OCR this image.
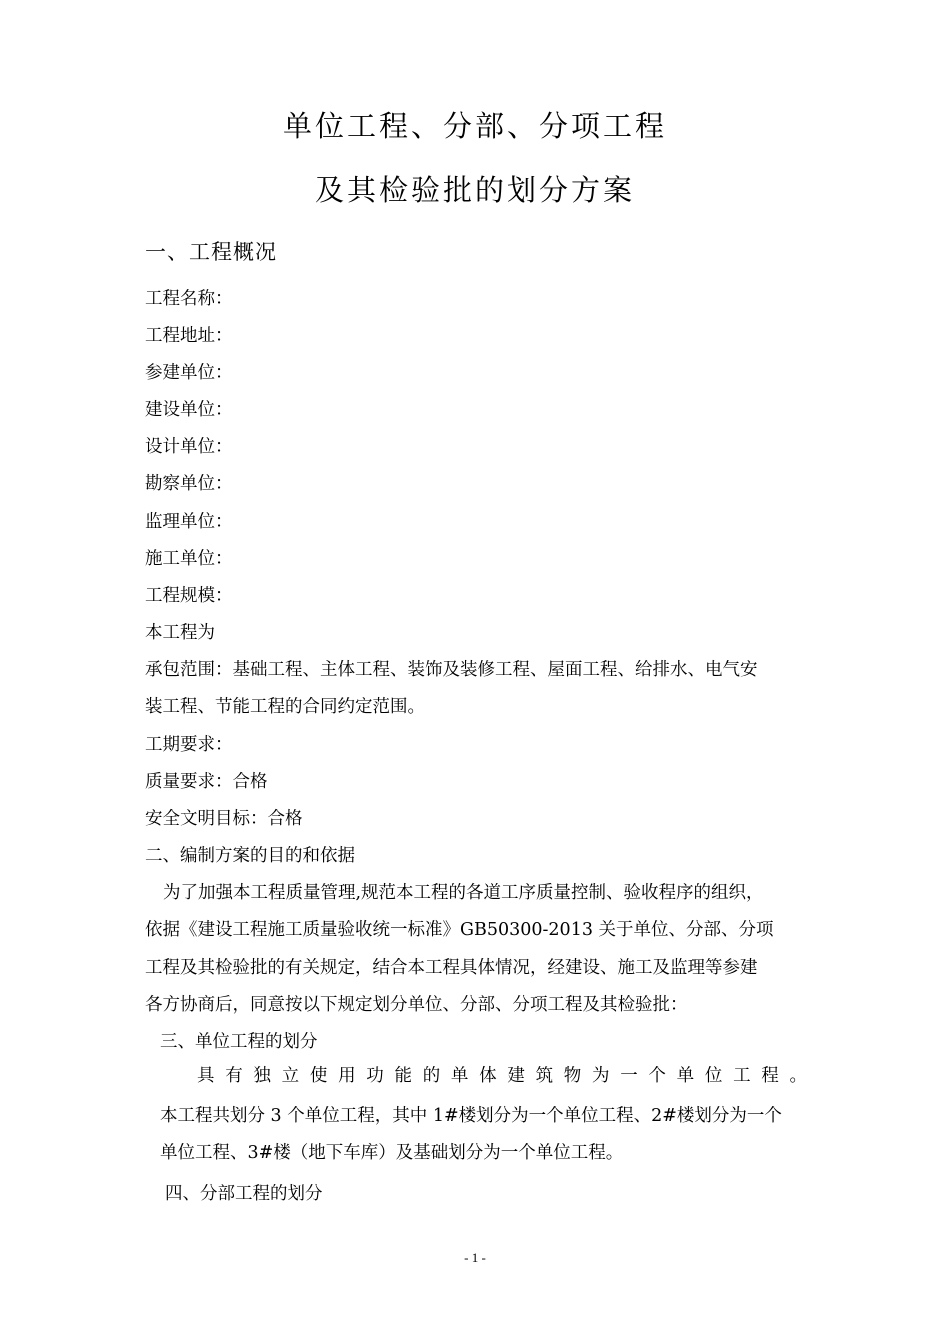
单位工程、分部、分项工程
及其检验批的划分方案
一、工程概况
工程名称：
工程地址：
参建单位：
建设单位：
设计单位：
勘察单位：
监理单位：
施工单位：
工程规模：
本工程为
承包范围：基础工程、主体工程、装饰及装修工程、屋面工程、给排水、电气安
装工程、节能工程的合同约定范围。
工期要求：
质量要求：合格
安全文明目标：合格
二、编制方案的目的和依据
为了加强本工程质量管理,规范本工程的各道工序质量控制、验收程序的组织，
依据《建设工程施工质量验收统一标准》GB50300-2013 关于单位、分部、分项
工程及其检验批的有关规定，结合本工程具体情况，经建设、施工及监理等参建
各方协商后，同意按以下规定划分单位、分部、分项工程及其检验批：
三、单位工程的划分
具有独立使用功能的单体建筑物为一个单位工程。
本工程共划分 3 个单位工程，其中 1#楼划分为一个单位工程、2#楼划分为一个
单位工程、3#楼（地下车库）及基础划分为一个单位工程。
四、分部工程的划分
- 1 -
